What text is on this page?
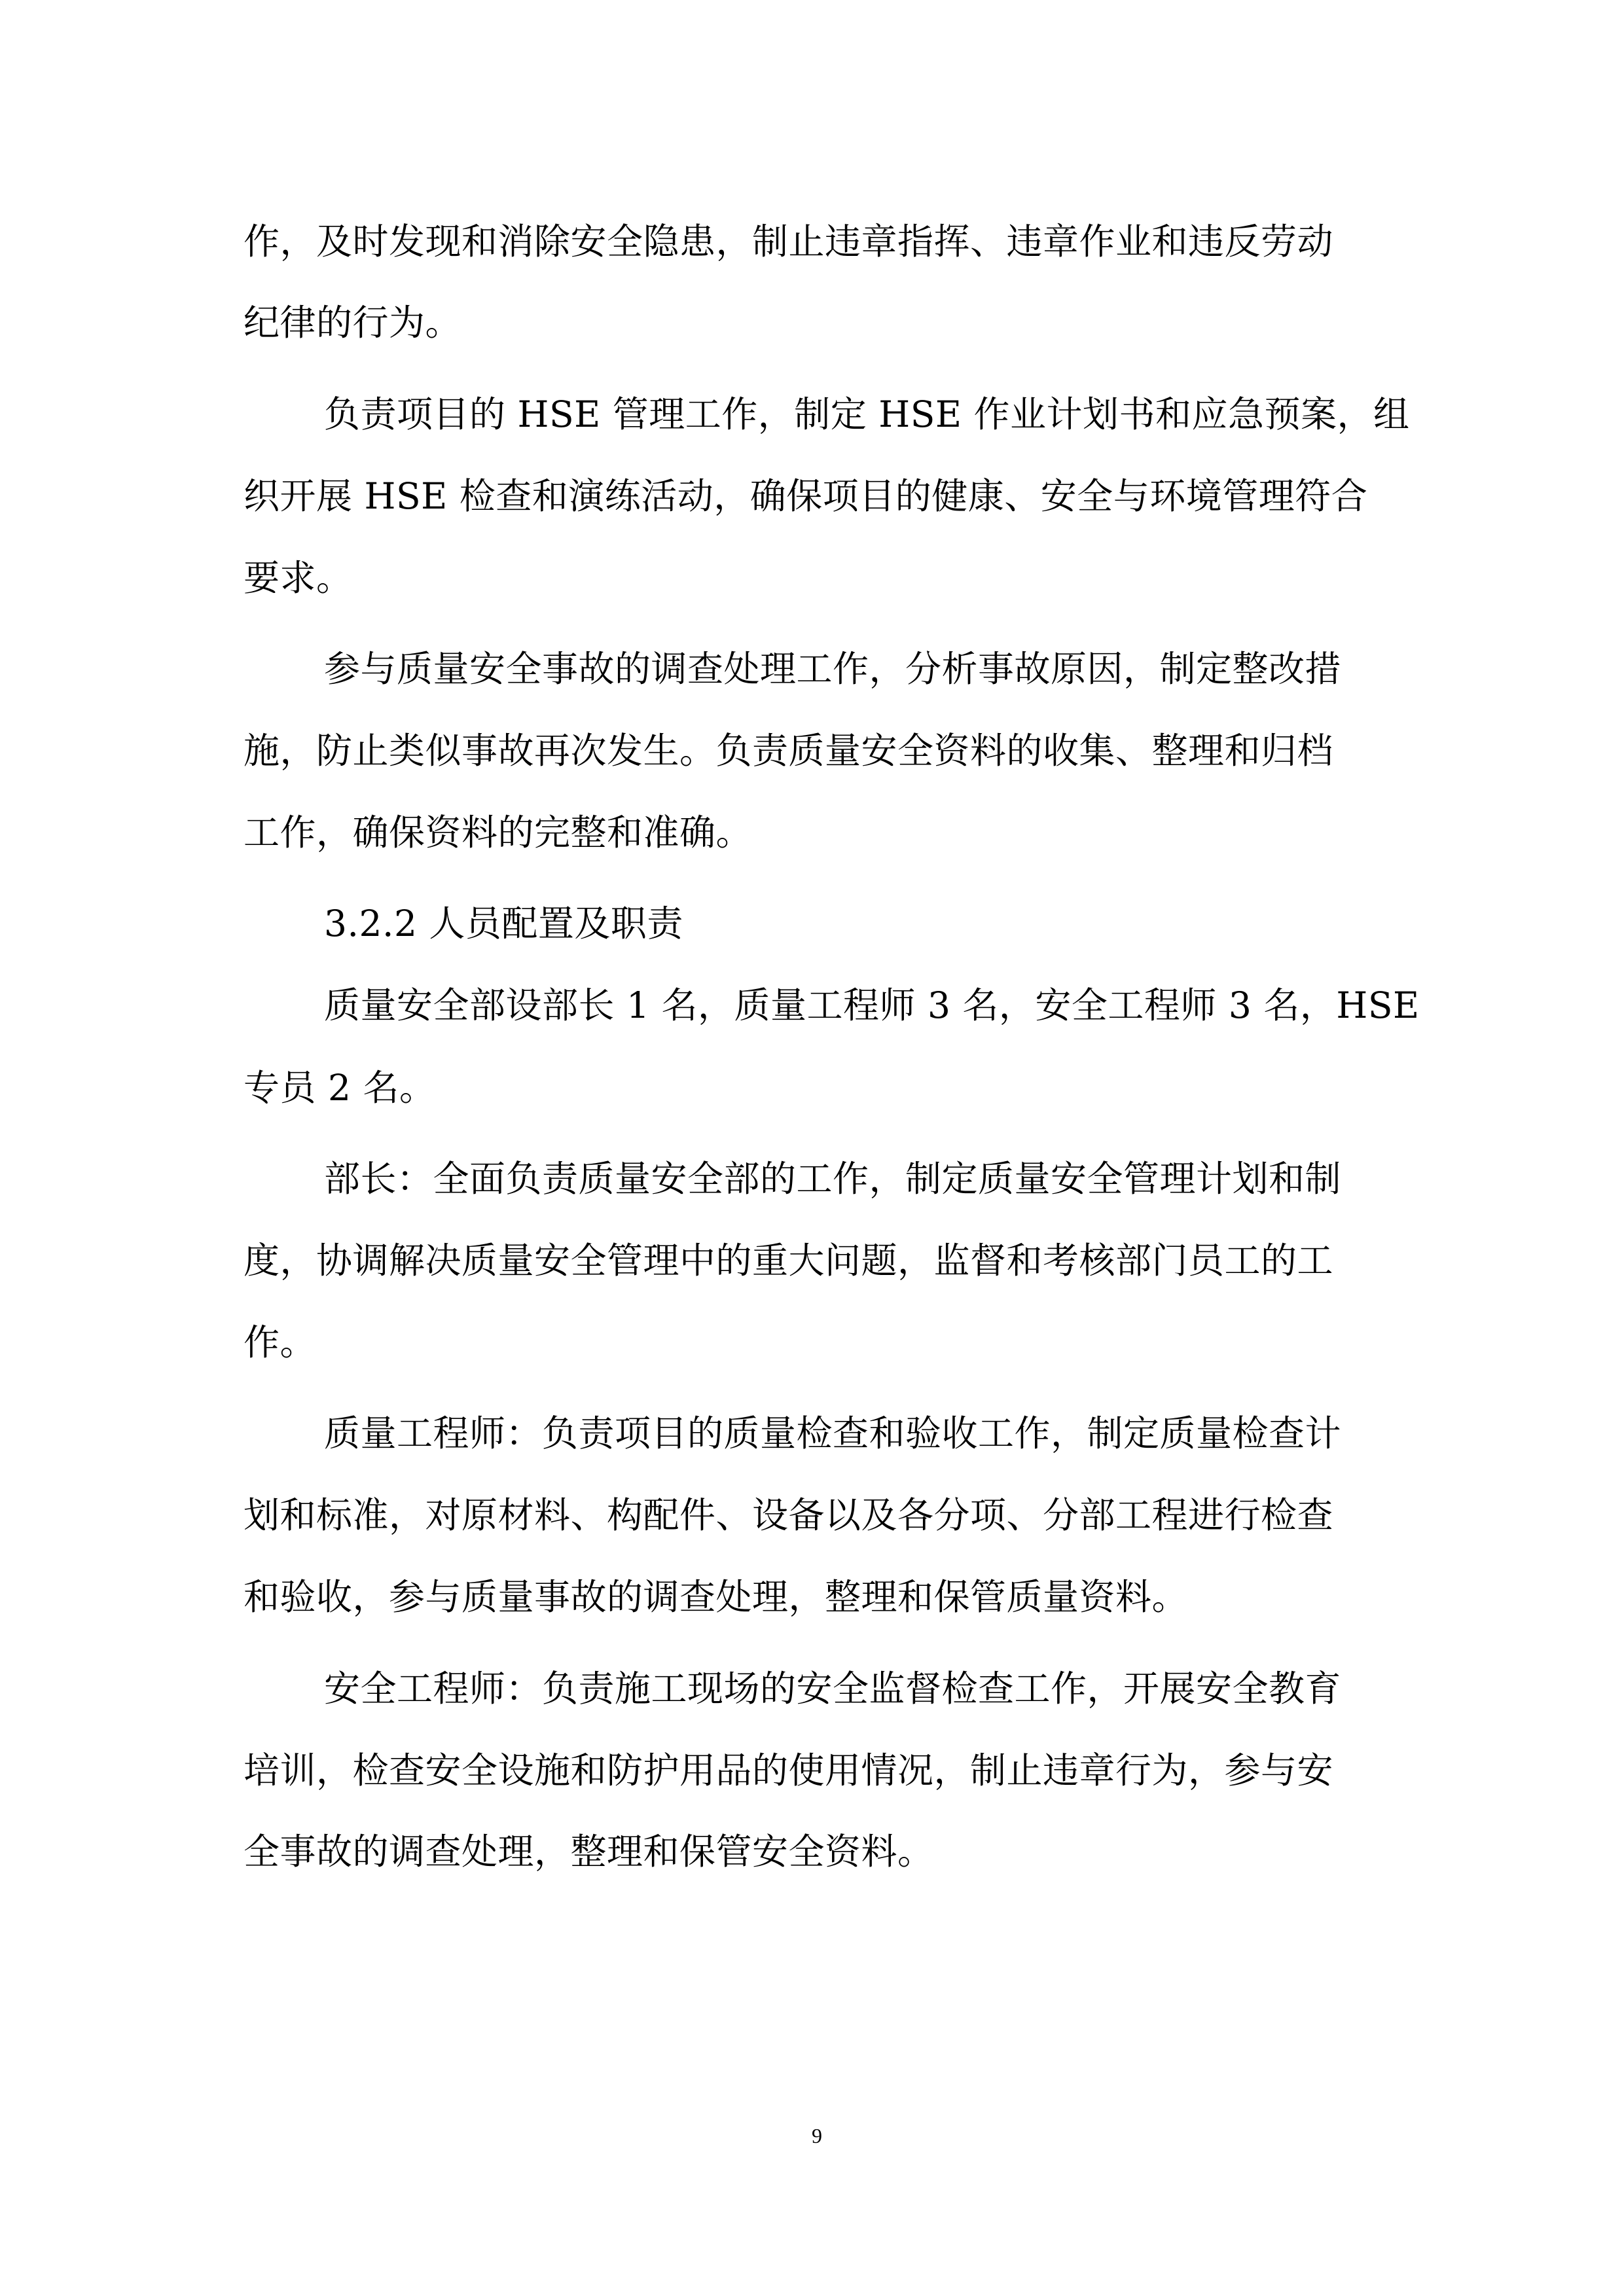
作，及时发现和消除安全隐患，制止违章指挥、违章作业和违反劳动
纪律的行为。
负责项目的 HSE 管理工作，制定 HSE 作业计划书和应急预案，组
织开展 HSE 检查和演练活动，确保项目的健康、安全与环境管理符合
要求。
参与质量安全事故的调查处理工作，分析事故原因，制定整改措
施，防止类似事故再次发生。负责质量安全资料的收集、整理和归档
工作，确保资料的完整和准确。
3.2.2 人员配置及职责
质量安全部设部长 1 名，质量工程师 3 名，安全工程师 3 名，HSE
专员 2 名。
部长：全面负责质量安全部的工作，制定质量安全管理计划和制
度，协调解决质量安全管理中的重大问题，监督和考核部门员工的工
作。
质量工程师：负责项目的质量检查和验收工作，制定质量检查计
划和标准，对原材料、构配件、设备以及各分项、分部工程进行检查
和验收，参与质量事故的调查处理，整理和保管质量资料。
安全工程师：负责施工现场的安全监督检查工作，开展安全教育
培训，检查安全设施和防护用品的使用情况，制止违章行为，参与安
全事故的调查处理，整理和保管安全资料。
9
